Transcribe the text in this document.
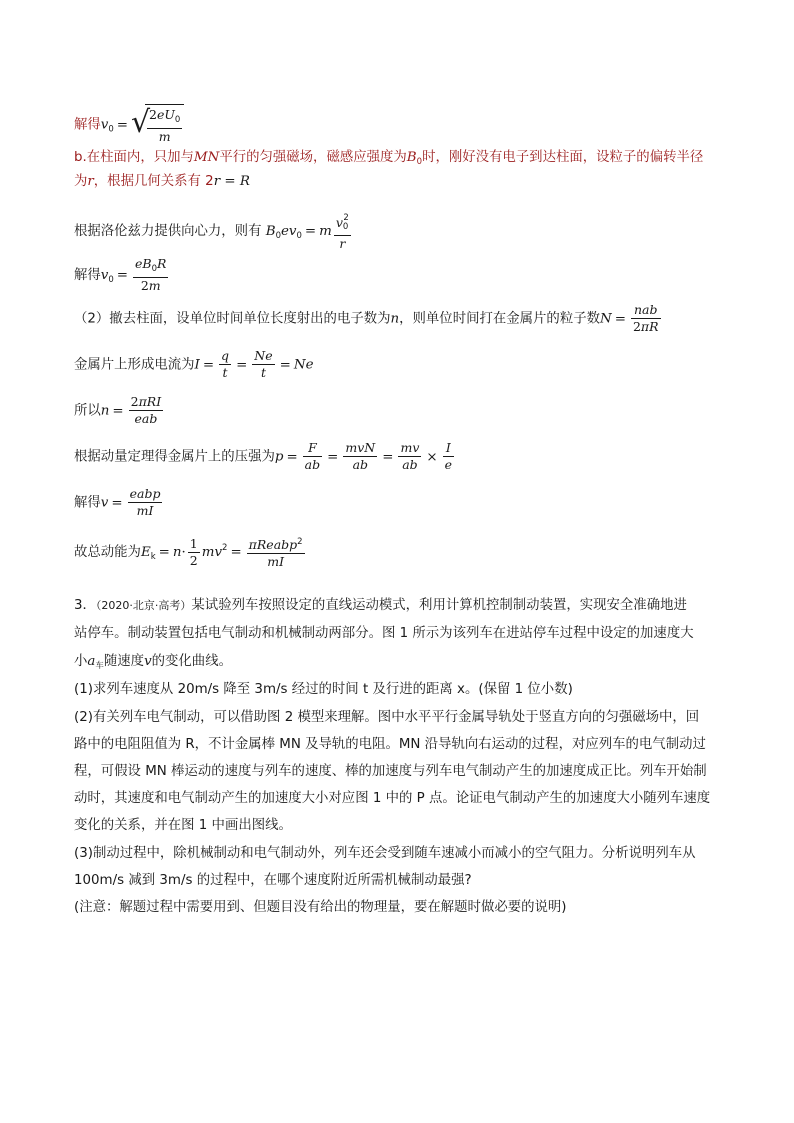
解得$v_0$ = √
$\frac{2eU_0}{m}$
b.在柱面内，只加与MN平行的匀强磁场，磁感应强度为$B_0$时，刚好没有电子到达柱面，设粒子的偏转半径
为r，根据几何关系有 2r = R
根据洛伦兹力提供向心力，则有 $B_0ev_0 = m \frac{v_0^2}{r}$
解得$v_0 = \frac{eB_0R}{2m}$
（2）撤去柱面，设单位时间单位长度射出的电子数为n，则单位时间打在金属片的粒子数$N = \frac{\text{nab}}{2\pi R}$
金属片上形成电流为$I = \frac{q}{t} = \frac{Ne}{t} = Ne$
所以$n = \frac{\text{2πRI}}{\text{eab}}$
根据动量定理得金属片上的压强为$p = \frac{F}{ab} = \frac{\text{mvN}}{ab} = \frac{mv}{ab} \times \frac{I}{e}$
解得$v = \frac{\text{eabp}}{mI}$
故总动能为$E_k = n\cdot \frac{1}{2} mv^2 = \frac{\pi Reabp^2}{mI}$
3．（2020·北京·高考）某试验列车按照设定的直线运动模式，利用计算机控制制动装置，实现安全准确地进
站停车。制动装置包括电气制动和机械制动两部分。图 1 所示为该列车在进站停车过程中设定的加速度大
小$a_车$随速度v的变化曲线。
(1)求列车速度从 20m/s 降至 3m/s 经过的时间 t 及行进的距离 x。(保留 1 位小数)
(2)有关列车电气制动，可以借助图 2 模型来理解。图中水平平行金属导轨处于竖直方向的匀强磁场中，回
路中的电阻阻值为 R，不计金属棒 MN 及导轨的电阻。MN 沿导轨向右运动的过程，对应列车的电气制动过
程，可假设 MN 棒运动的速度与列车的速度、棒的加速度与列车电气制动产生的加速度成正比。列车开始制
动时，其速度和电气制动产生的加速度大小对应图 1 中的 P 点。论证电气制动产生的加速度大小随列车速度
变化的关系，并在图 1 中画出图线。
(3)制动过程中，除机械制动和电气制动外，列车还会受到随车速减小而减小的空气阻力。分析说明列车从
100m/s 减到 3m/s 的过程中，在哪个速度附近所需机械制动最强?
(注意：解题过程中需要用到、但题目没有给出的物理量，要在解题时做必要的说明)
